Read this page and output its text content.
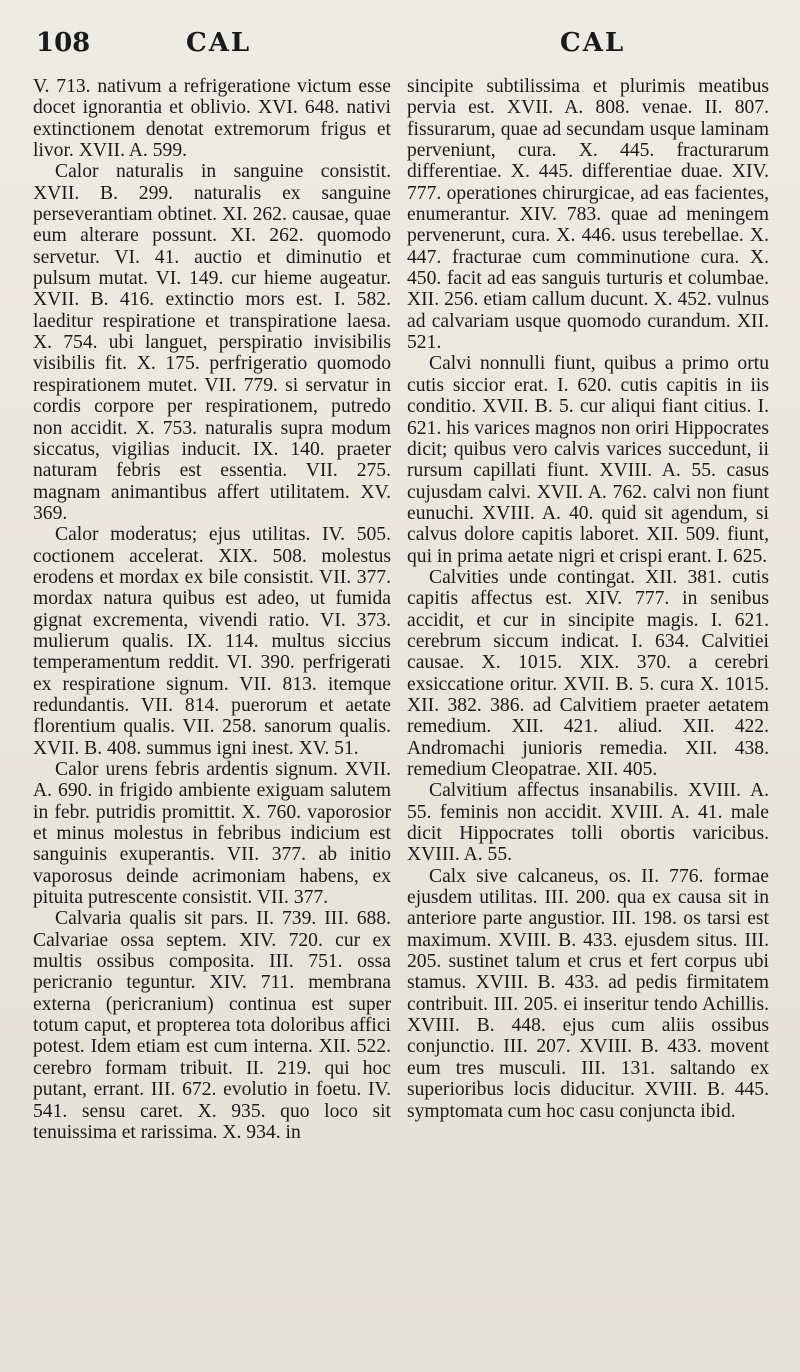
108	CAL	CAL

V. 713. nativum a refrigeratione victum esse docet ignorantia et oblivio. XVI. 648. nativi extinctionem denotat extremorum frigus et livor. XVII. A. 599.

Calor naturalis in sanguine consistit. XVII. B. 299. naturalis ex sanguine perseverantiam obtinet. XI. 262. causae, quae eum alterare possunt. XI. 262. quomodo servetur. VI. 41. auctio et diminutio et pulsum mutat. VI. 149. cur hieme augeatur. XVII. B. 416. extinctio mors est. I. 582. laeditur respiratione et transpiratione laesa. X. 754. ubi languet, perspiratio invisibilis visibilis fit. X. 175. perfrigeratio quomodo respirationem mutet. VII. 779. si servatur in cordis corpore per respirationem, putredo non accidit. X. 753. naturalis supra modum siccatus, vigilias inducit. IX. 140. praeter naturam febris est essentia. VII. 275. magnam animantibus affert utilitatem. XV. 369.

Calor moderatus; ejus utilitas. IV. 505. coctionem accelerat. XIX. 508. molestus erodens et mordax ex bile consistit. VII. 377. mordax natura quibus est adeo, ut fumida gignat excrementa, vivendi ratio. VI. 373. mulierum qualis. IX. 114. multus siccius temperamentum reddit. VI. 390. perfrigerati ex respiratione signum. VII. 813. itemque redundantis. VII. 814. puerorum et aetate florentium qualis. VII. 258. sanorum qualis. XVII. B. 408. summus igni inest. XV. 51.

Calor urens febris ardentis signum. XVII. A. 690. in frigido ambiente exiguam salutem in febr. putridis promittit. X. 760. vaporosior et minus molestus in febribus indicium est sanguinis exuperantis. VII. 377. ab initio vaporosus deinde acrimoniam habens, ex pituita putrescente consistit. VII. 377.

Calvaria qualis sit pars. II. 739. III. 688. Calvariae ossa septem. XIV. 720. cur ex multis ossibus composita. III. 751. ossa pericranio teguntur. XIV. 711. membrana externa (pericranium) continua est super totum caput, et propterea tota doloribus affici potest. Idem etiam est cum interna. XII. 522. cerebro formam tribuit. II. 219. qui hoc putant, errant. III. 672. evolutio in foetu. IV. 541. sensu caret. X. 935. quo loco sit tenuissima et rarissima. X. 934. in

sincipite subtilissima et plurimis meatibus pervia est. XVII. A. 808. venae. II. 807. fissurarum, quae ad secundam usque laminam perveniunt, cura. X. 445. fracturarum differentiae. X. 445. differentiae duae. XIV. 777. operationes chirurgicae, ad eas facientes, enumerantur. XIV. 783. quae ad meningem pervenerunt, cura. X. 446. usus terebellae. X. 447. fracturae cum comminutione cura. X. 450. facit ad eas sanguis turturis et columbae. XII. 256. etiam callum ducunt. X. 452. vulnus ad calvariam usque quomodo curandum. XII. 521.

Calvi nonnulli fiunt, quibus a primo ortu cutis siccior erat. I. 620. cutis capitis in iis conditio. XVII. B. 5. cur aliqui fiant citius. I. 621. his varices magnos non oriri Hippocrates dicit; quibus vero calvis varices succedunt, ii rursum capillati fiunt. XVIII. A. 55. casus cujusdam calvi. XVII. A. 762. calvi non fiunt eunuchi. XVIII. A. 40. quid sit agendum, si calvus dolore capitis laboret. XII. 509. fiunt, qui in prima aetate nigri et crispi erant. I. 625.

Calvities unde contingat. XII. 381. cutis capitis affectus est. XIV. 777. in senibus accidit, et cur in sincipite magis. I. 621. cerebrum siccum indicat. I. 634. Calvitiei causae. X. 1015. XIX. 370. a cerebri exsiccatione oritur. XVII. B. 5. cura X. 1015. XII. 382. 386. ad Calvitiem praeter aetatem remedium. XII. 421. aliud. XII. 422. Andromachi junioris remedia. XII. 438. remedium Cleopatrae. XII. 405.

Calvitium affectus insanabilis. XVIII. A. 55. feminis non accidit. XVIII. A. 41. male dicit Hippocrates tolli obortis varicibus. XVIII. A. 55.

Calx sive calcaneus, os. II. 776. formae ejusdem utilitas. III. 200. qua ex causa sit in anteriore parte angustior. III. 198. os tarsi est maximum. XVIII. B. 433. ejusdem situs. III. 205. sustinet talum et crus et fert corpus ubi stamus. XVIII. B. 433. ad pedis firmitatem contribuit. III. 205. ei inseritur tendo Achillis. XVIII. B. 448. ejus cum aliis ossibus conjunctio. III. 207. XVIII. B. 433. movent eum tres musculi. III. 131. saltando ex superioribus locis diducitur. XVIII. B. 445. symptomata cum hoc casu conjuncta ibid.
